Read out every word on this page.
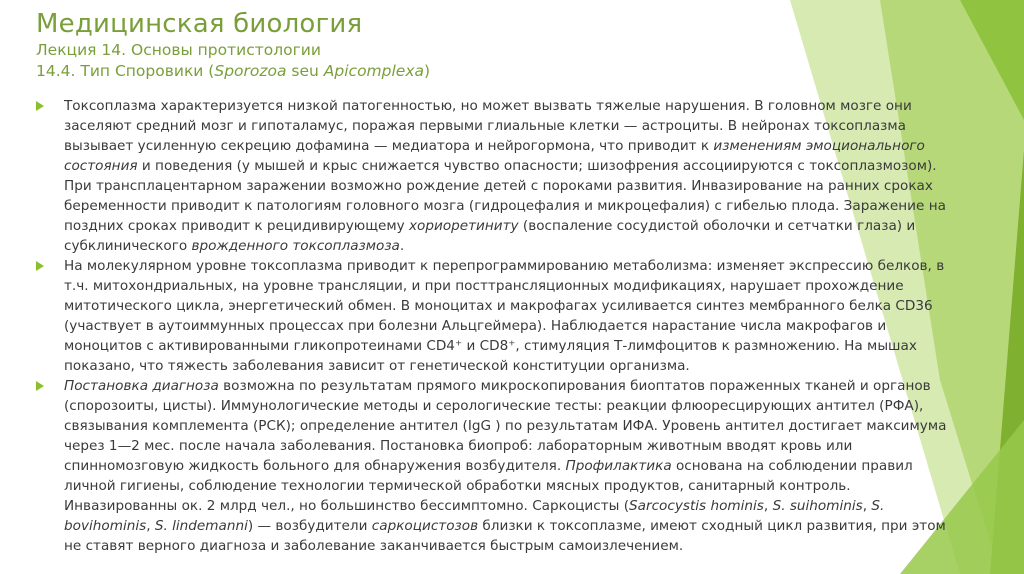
Медицинская биология
Лекция 14. Основы протистологии
14.4. Тип Споровики (Sporozoa seu Apicomplexa)

Токсоплазма характеризуется низкой патогенностью, но может вызвать тяжелые нарушения. В головном мозге они заселяют средний мозг и гипоталамус, поражая первыми глиальные клетки — астроциты. В нейронах токсоплазма вызывает усиленную секрецию дофамина — медиатора и нейрогормона, что приводит к изменениям эмоционального состояния и поведения (у мышей и крыс снижается чувство опасности; шизофрения ассоциируются с токсоплазмозом). При трансплацентарном заражении возможно рождение детей с пороками развития. Инвазирование на ранних сроках беременности приводит к патологиям головного мозга (гидроцефалия и микроцефалия) с гибелью плода. Заражение на поздних сроках приводит к рецидивирующему хориоретиниту (воспаление сосудистой оболочки и сетчатки глаза) и субклинического врожденного токсоплазмоза.

На молекулярном уровне токсоплазма приводит к перепрограммированию метаболизма: изменяет экспрессию белков, в т.ч. митохондриальных, на уровне трансляции, и при посттрансляционных модификациях, нарушает прохождение митотического цикла, энергетический обмен. В моноцитах и макрофагах усиливается синтез мембранного белка CD36 (участвует в аутоиммунных процессах при болезни Альцгеймера). Наблюдается нарастание числа макрофагов и моноцитов с активированными гликопротеинами CD4⁺ и CD8⁺, стимуляция Т-лимфоцитов к размножению. На мышах показано, что тяжесть заболевания зависит от генетической конституции организма.

Постановка диагноза возможна по результатам прямого микроскопирования биоптатов пораженных тканей и органов (спорозоиты, цисты). Иммунологические методы и серологические тесты: реакции флюоресцирующих антител (РФА), связывания комплемента (РСК); определение антител (IgG ) по результатам ИФА. Уровень антител достигает максимума через 1—2 мес. после начала заболевания. Постановка биопроб: лабораторным животным вводят кровь или спинномозговую жидкость больного для обнаружения возбудителя. Профилактика основана на соблюдении правил личной гигиены, соблюдение технологии термической обработки мясных продуктов, санитарный контроль. Инвазированны ок. 2 млрд чел., но большинство бессимптомно. Саркоцисты (Sarcocystis hominis, S. suihominis, S. bovihominis, S. lindemanni) — возбудители саркоцистозов близки к токсоплазме, имеют сходный цикл развития, при этом не ставят верного диагноза и заболевание заканчивается быстрым самоизлечением.
